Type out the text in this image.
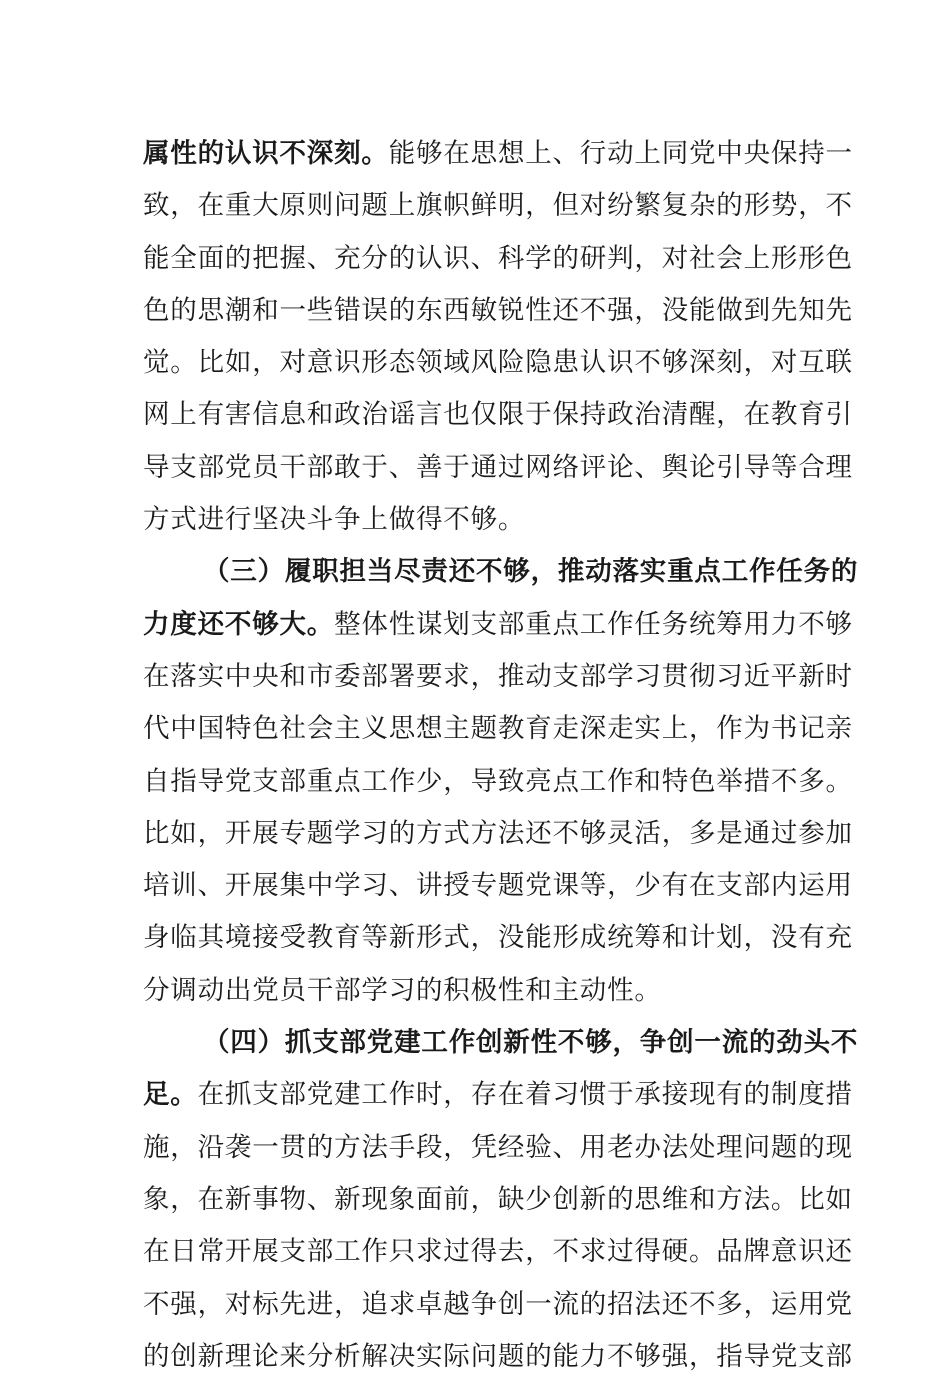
属性的认识不深刻。能够在思想上、行动上同党中央保持一
致，在重大原则问题上旗帜鲜明，但对纷繁复杂的形势，不
能全面的把握、充分的认识、科学的研判，对社会上形形色
色的思潮和一些错误的东西敏锐性还不强，没能做到先知先
觉。比如，对意识形态领域风险隐患认识不够深刻，对互联
网上有害信息和政治谣言也仅限于保持政治清醒，在教育引
导支部党员干部敢于、善于通过网络评论、舆论引导等合理
方式进行坚决斗争上做得不够。
（三）履职担当尽责还不够，推动落实重点工作任务的
力度还不够大。整体性谋划支部重点工作任务统筹用力不够
在落实中央和市委部署要求，推动支部学习贯彻习近平新时
代中国特色社会主义思想主题教育走深走实上，作为书记亲
自指导党支部重点工作少，导致亮点工作和特色举措不多。
比如，开展专题学习的方式方法还不够灵活，多是通过参加
培训、开展集中学习、讲授专题党课等，少有在支部内运用
身临其境接受教育等新形式，没能形成统筹和计划，没有充
分调动出党员干部学习的积极性和主动性。
（四）抓支部党建工作创新性不够，争创一流的劲头不
足。在抓支部党建工作时，存在着习惯于承接现有的制度措
施，沿袭一贯的方法手段，凭经验、用老办法处理问题的现
象，在新事物、新现象面前，缺少创新的思维和方法。比如
在日常开展支部工作只求过得去，不求过得硬。品牌意识还
不强，对标先进，追求卓越争创一流的招法还不多，运用党
的创新理论来分析解决实际问题的能力不够强，指导党支部
